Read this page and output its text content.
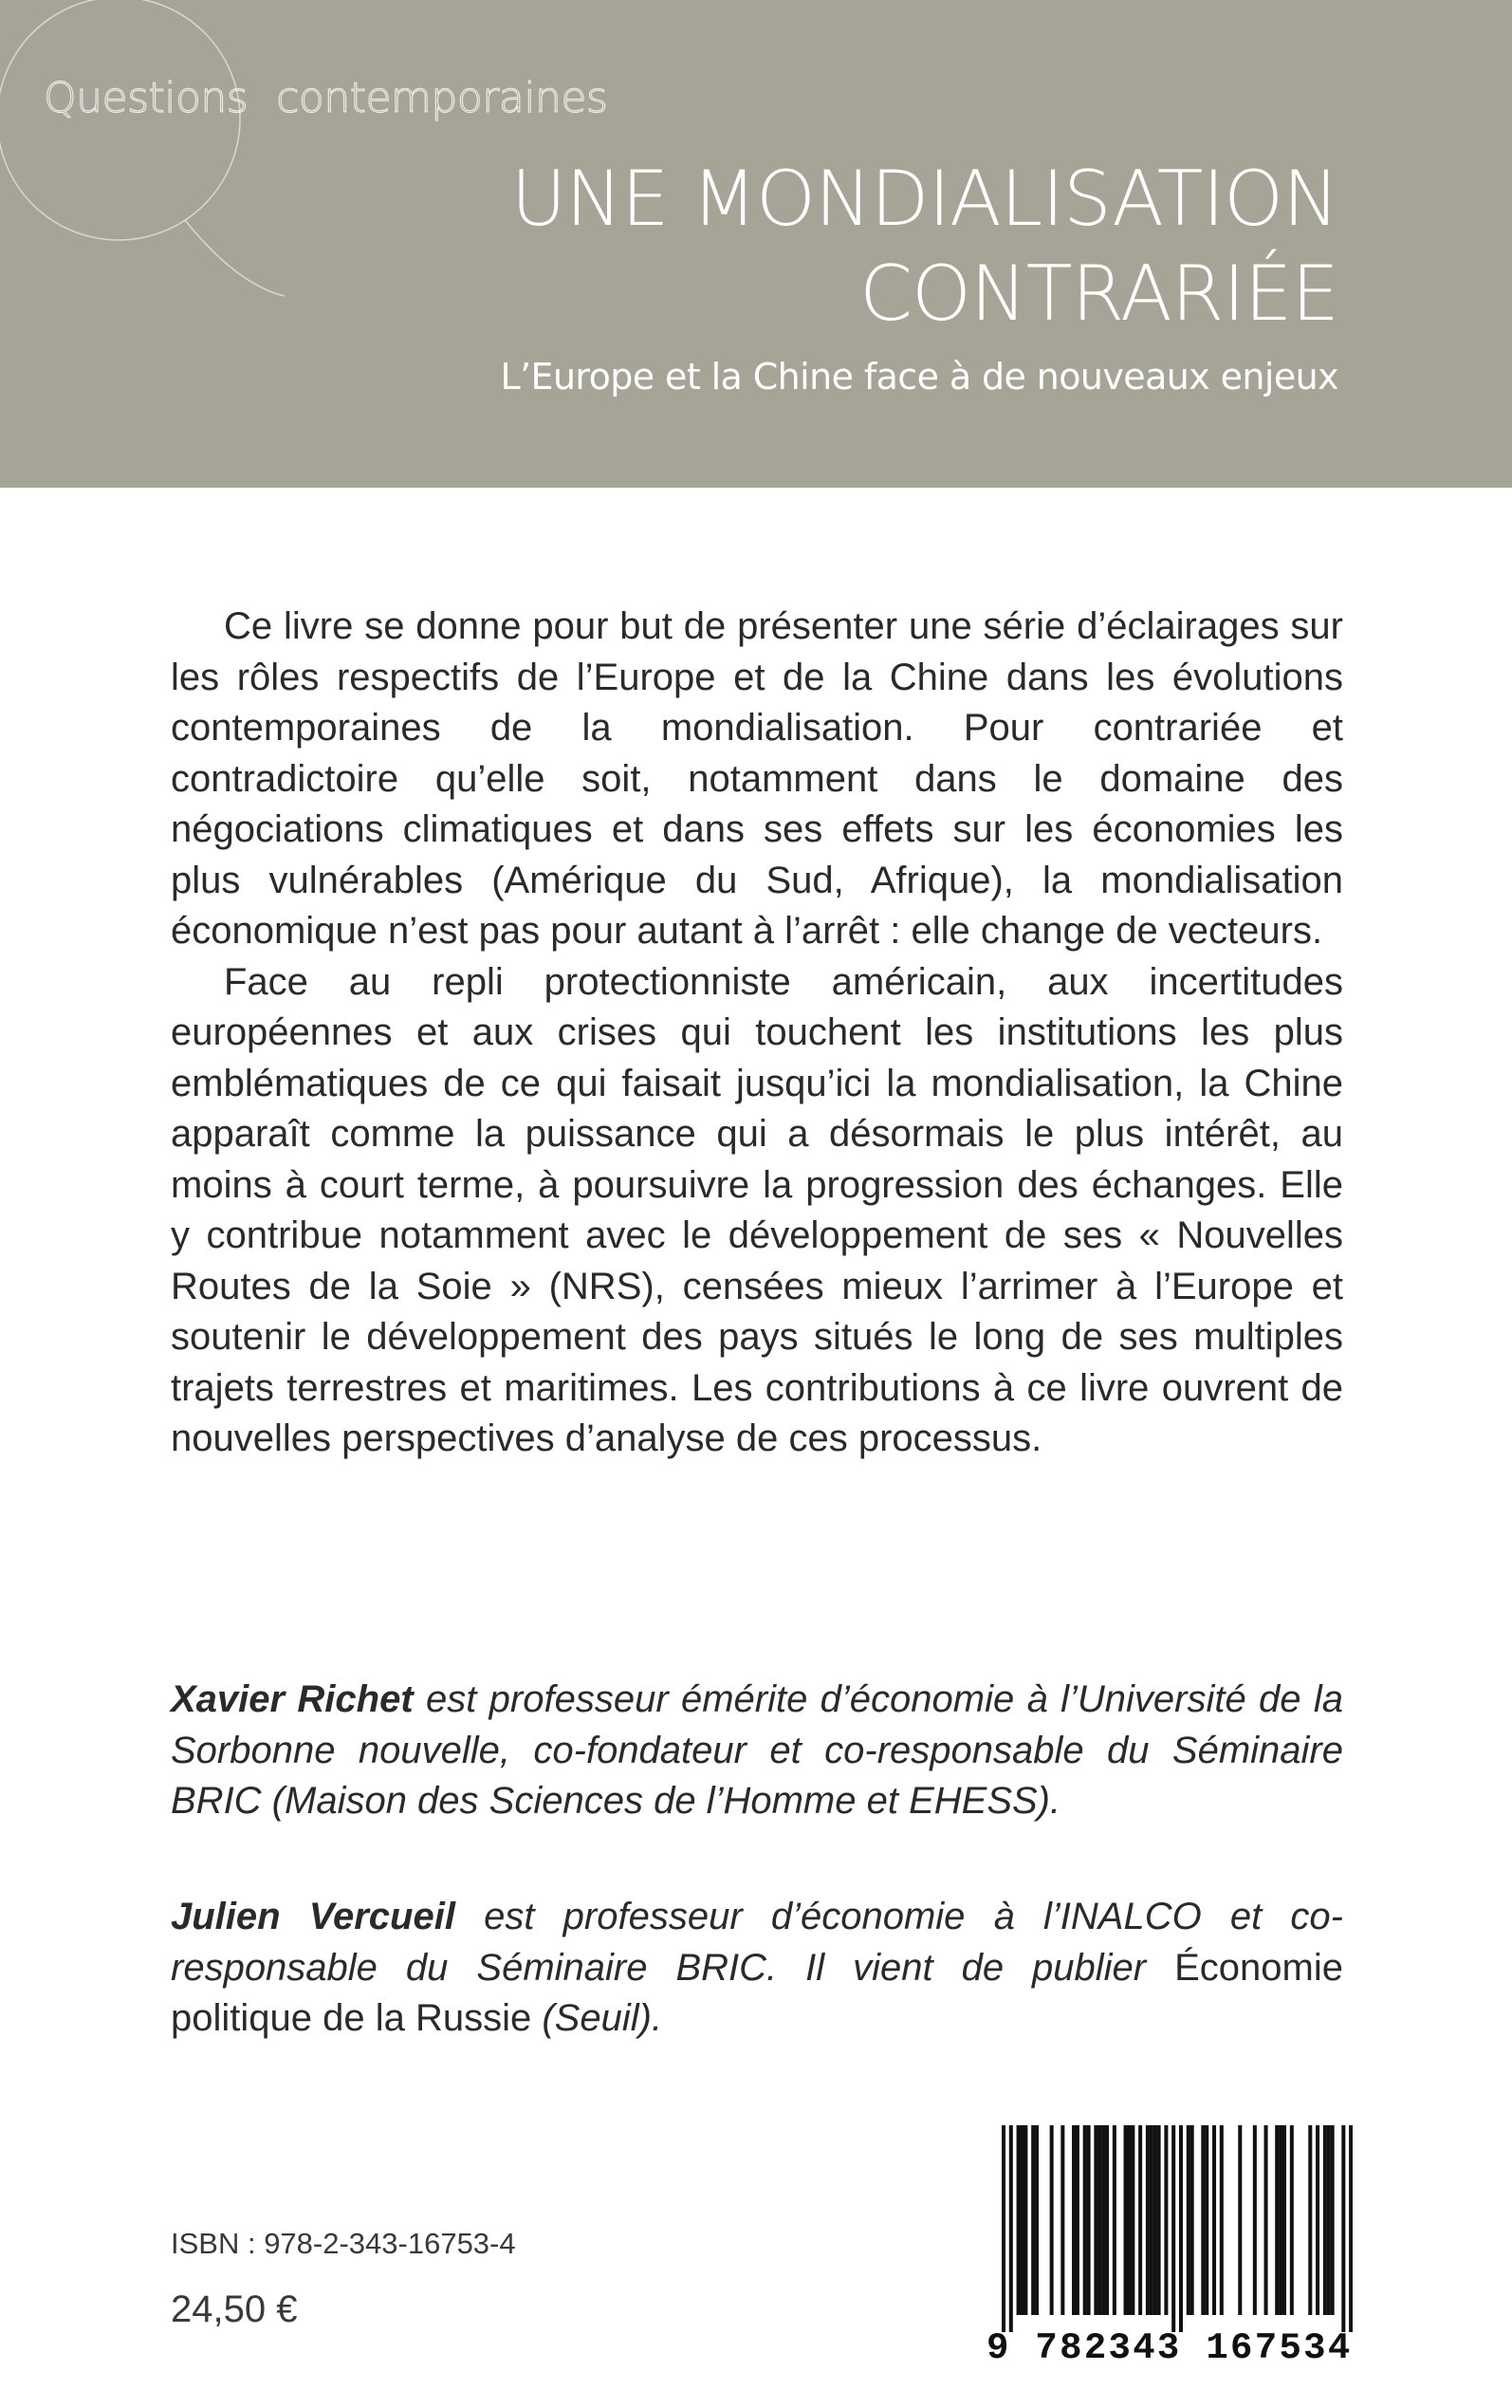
Questions contemporaines
UNE MONDIALISATION
CONTRARIÉE
L’Europe et la Chine face à de nouveaux enjeux

Ce livre se donne pour but de présenter une série d’éclairages sur les rôles respectifs de l’Europe et de la Chine dans les évolutions contemporaines de la mondialisation. Pour contrariée et contradictoire qu’elle soit, notamment dans le domaine des négociations climatiques et dans ses effets sur les économies les plus vulnérables (Amérique du Sud, Afrique), la mondialisation économique n’est pas pour autant à l’arrêt : elle change de vecteurs.

Face au repli protectionniste américain, aux incertitudes européennes et aux crises qui touchent les institutions les plus emblématiques de ce qui faisait jusqu’ici la mondialisation, la Chine apparaît comme la puissance qui a désormais le plus intérêt, au moins à court terme, à poursuivre la progression des échanges. Elle y contribue notamment avec le développement de ses « Nouvelles Routes de la Soie » (NRS), censées mieux l’arrimer à l’Europe et soutenir le développement des pays situés le long de ses multiples trajets terrestres et maritimes. Les contributions à ce livre ouvrent de nouvelles perspectives d’analyse de ces processus.

Xavier Richet est professeur émérite d’économie à l’Université de la Sorbonne nouvelle, co-fondateur et co-responsable du Séminaire BRIC (Maison des Sciences de l’Homme et EHESS).

Julien Vercueil est professeur d’économie à l’INALCO et co-responsable du Séminaire BRIC. Il vient de publier Économie politique de la Russie (Seuil).

ISBN : 978-2-343-16753-4
24,50 €
9 782343 167534
